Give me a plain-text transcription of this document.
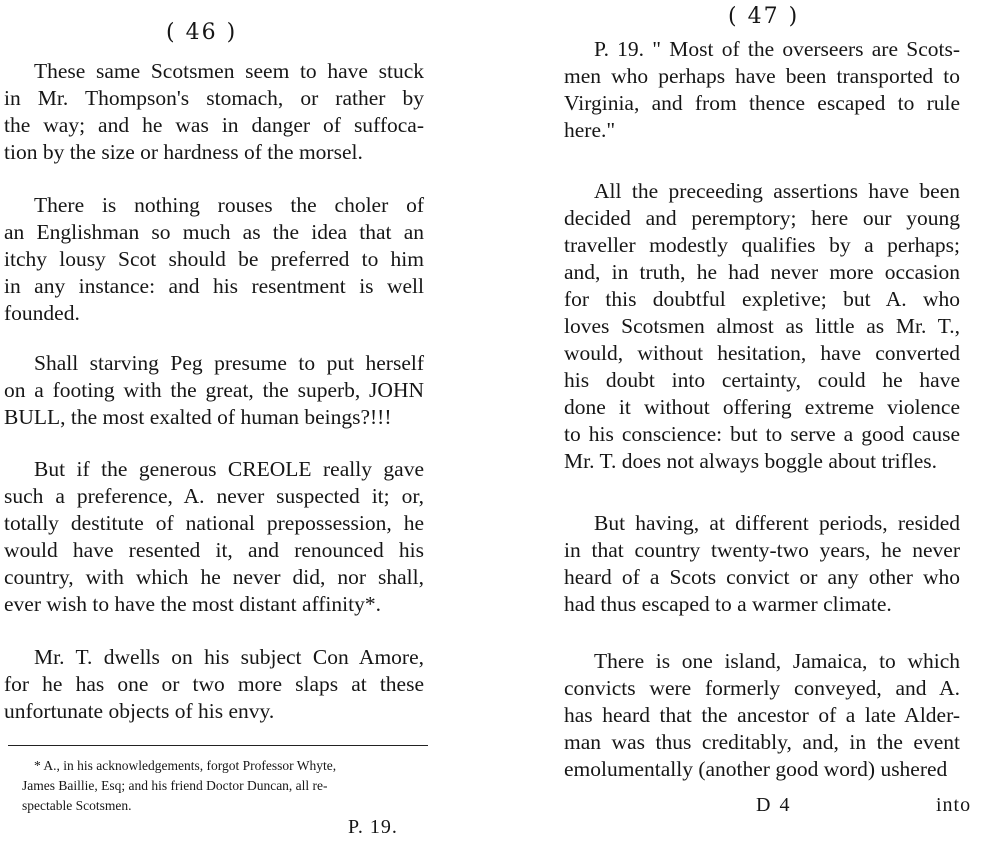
( 46 )
These same Scotsmen seem to have stuck
in Mr. Thompson's stomach, or rather by
the way; and he was in danger of suffoca-
tion by the size or hardness of the morsel.
There is nothing rouses the choler of
an Englishman so much as the idea that an
itchy lousy Scot should be preferred to him
in any instance: and his resentment is well
founded.
Shall starving Peg presume to put herself
on a footing with the great, the superb, JOHN
BULL, the most exalted of human beings?!!!
But if the generous CREOLE really gave
such a preference, A. never suspected it; or,
totally destitute of national prepossession, he
would have resented it, and renounced his
country, with which he never did, nor shall,
ever wish to have the most distant affinity*.
Mr. T. dwells on his subject Con Amore,
for he has one or two more slaps at these
unfortunate objects of his envy.
* A., in his acknowledgements, forgot Professor Whyte,
James Baillie, Esq; and his friend Doctor Duncan, all re-
spectable Scotsmen.
P. 19.
( 47 )
P. 19. " Most of the overseers are Scots-
men who perhaps have been transported to
Virginia, and from thence escaped to rule
here."
All the preceeding assertions have been
decided and peremptory; here our young
traveller modestly qualifies by a perhaps;
and, in truth, he had never more occasion
for this doubtful expletive; but A. who
loves Scotsmen almost as little as Mr. T.,
would, without hesitation, have converted
his doubt into certainty, could he have
done it without offering extreme violence
to his conscience: but to serve a good cause
Mr. T. does not always boggle about trifles.
But having, at different periods, resided
in that country twenty-two years, he never
heard of a Scots convict or any other who
had thus escaped to a warmer climate.
There is one island, Jamaica, to which
convicts were formerly conveyed, and A.
has heard that the ancestor of a late Alder-
man was thus creditably, and, in the event
emolumentally (another good word) ushered
D 4	into
